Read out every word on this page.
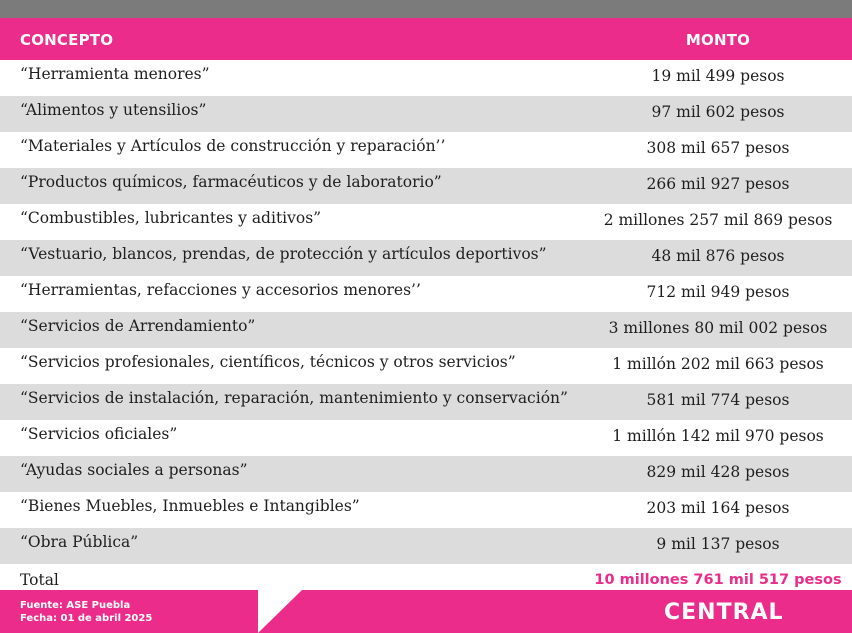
CONCEPTO	MONTO
“Herramienta menores”	19 mil 499 pesos
“Alimentos y utensilios”	97 mil 602 pesos
“Materiales y Artículos de construcción y reparación’’	308 mil 657 pesos
“Productos químicos, farmacéuticos y de laboratorio”	266 mil 927 pesos
“Combustibles, lubricantes y aditivos”	2 millones 257 mil 869 pesos
“Vestuario, blancos, prendas, de protección y artículos deportivos”	48 mil 876 pesos
“Herramientas, refacciones y accesorios menores’’	712 mil 949 pesos
“Servicios de Arrendamiento”	3 millones 80 mil 002 pesos
“Servicios profesionales, científicos, técnicos y otros servicios”	1 millón 202 mil 663 pesos
“Servicios de instalación, reparación, mantenimiento y conservación”	581 mil 774 pesos
“Servicios oficiales”	1 millón 142 mil 970 pesos
“Ayudas sociales a personas”	829 mil 428 pesos
“Bienes Muebles, Inmuebles e Intangibles”	203 mil 164 pesos
“Obra Pública”	9 mil 137 pesos
Total	10 millones 761 mil 517 pesos
Fuente: ASE Puebla
Fecha: 01 de abril 2025	CENTRAL
